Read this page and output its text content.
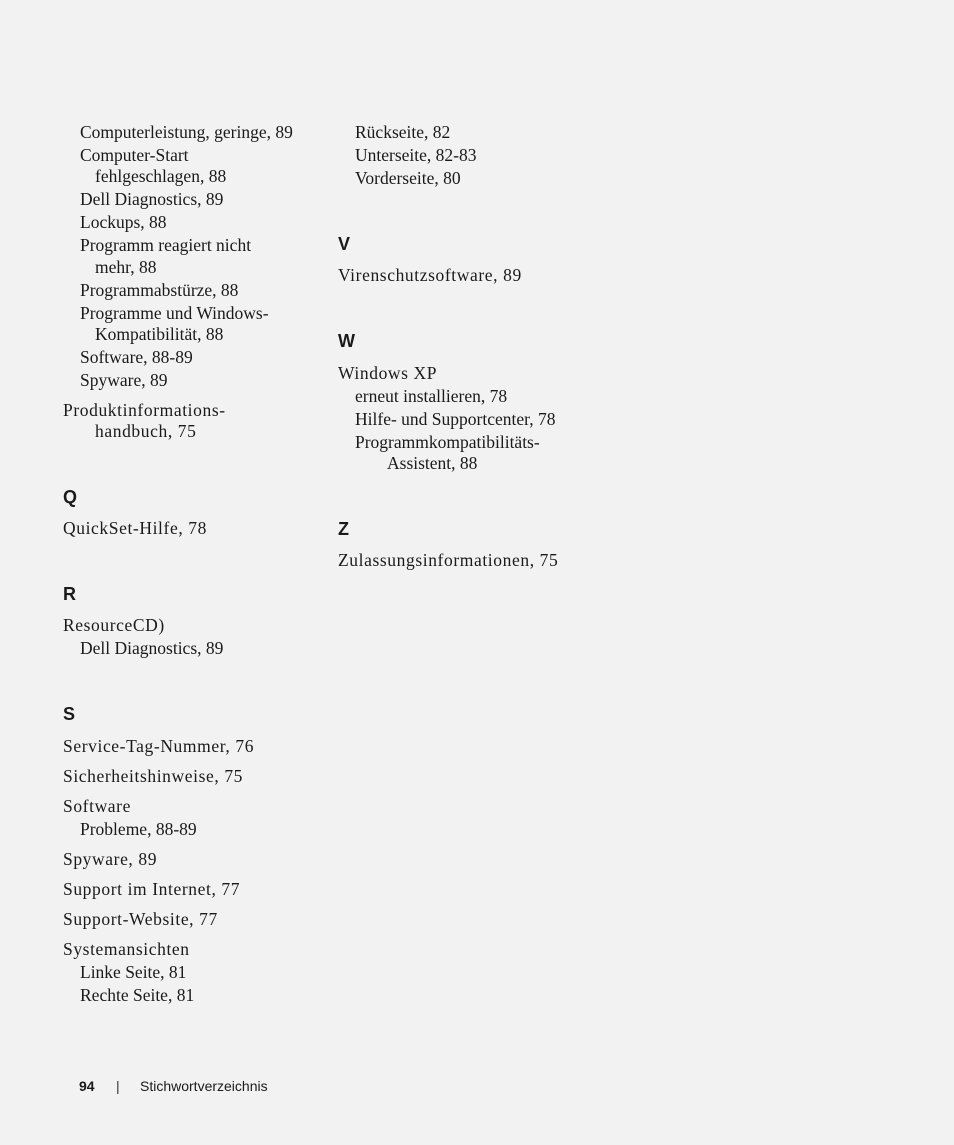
Computerleistung, geringe, 89
Computer-Start
fehlgeschlagen, 88
Dell Diagnostics, 89
Lockups, 88
Programm reagiert nicht
mehr, 88
Programmabstürze, 88
Programme und Windows-
Kompatibilität, 88
Software, 88-89
Spyware, 89
Produktinformations-
handbuch, 75
Q
QuickSet-Hilfe, 78
R
ResourceCD)
Dell Diagnostics, 89
S
Service-Tag-Nummer, 76
Sicherheitshinweise, 75
Software
Probleme, 88-89
Spyware, 89
Support im Internet, 77
Support-Website, 77
Systemansichten
Linke Seite, 81
Rechte Seite, 81
Rückseite, 82
Unterseite, 82-83
Vorderseite, 80
V
Virenschutzsoftware, 89
W
Windows XP
erneut installieren, 78
Hilfe- und Supportcenter, 78
Programmkompatibilitäts-
Assistent, 88
Z
Zulassungsinformationen, 75
94 | Stichwortverzeichnis
